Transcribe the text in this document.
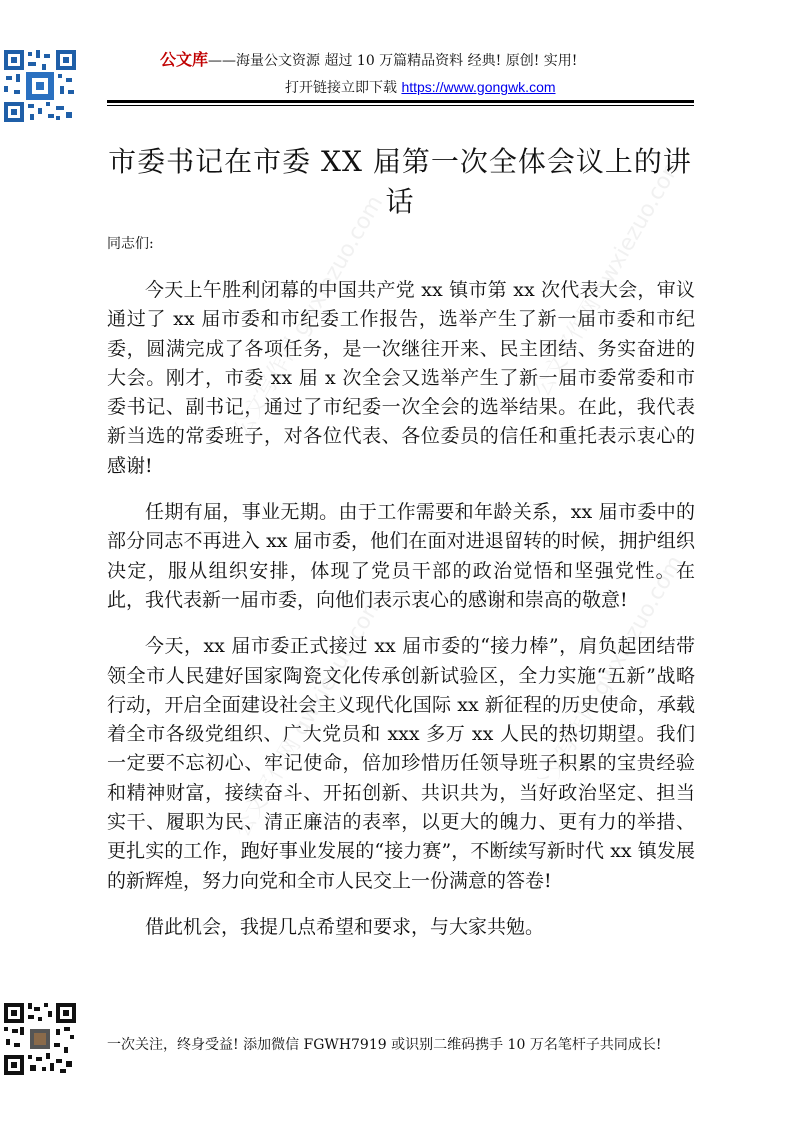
公文写作网 gwxiezuo.com	公文写作网 gwxiezuo.com
公文写作网 gwxiezuo.com	公文写作网 gwxiezuo.com
公文库——海量公文资源 超过 10 万篇精品资料 经典! 原创! 实用!
打开链接立即下载 https://www.gongwk.com
市委书记在市委 XX 届第一次全体会议上的讲话
同志们:

今天上午胜利闭幕的中国共产党 xx 镇市第 xx 次代表大会，审议通过了 xx 届市委和市纪委工作报告，选举产生了新一届市委和市纪委，圆满完成了各项任务，是一次继往开来、民主团结、务实奋进的大会。刚才，市委 xx 届 x 次全会又选举产生了新一届市委常委和市委书记、副书记，通过了市纪委一次全会的选举结果。在此，我代表新当选的常委班子，对各位代表、各位委员的信任和重托表示衷心的感谢!

任期有届，事业无期。由于工作需要和年龄关系，xx 届市委中的部分同志不再进入 xx 届市委，他们在面对进退留转的时候，拥护组织决定，服从组织安排，体现了党员干部的政治觉悟和坚强党性。在此，我代表新一届市委，向他们表示衷心的感谢和崇高的敬意!

今天，xx 届市委正式接过 xx 届市委的“接力棒”，肩负起团结带领全市人民建好国家陶瓷文化传承创新试验区，全力实施“五新”战略行动，开启全面建设社会主义现代化国际 xx 新征程的历史使命，承载着全市各级党组织、广大党员和 xxx 多万 xx 人民的热切期望。我们一定要不忘初心、牢记使命，倍加珍惜历任领导班子积累的宝贵经验和精神财富，接续奋斗、开拓创新、共识共为，当好政治坚定、担当实干、履职为民、清正廉洁的表率，以更大的魄力、更有力的举措、更扎实的工作，跑好事业发展的“接力赛”，不断续写新时代 xx 镇发展的新辉煌，努力向党和全市人民交上一份满意的答卷!

借此机会，我提几点希望和要求，与大家共勉。

一次关注，终身受益! 添加微信 FGWH7919 或识别二维码携手 10 万名笔杆子共同成长!
